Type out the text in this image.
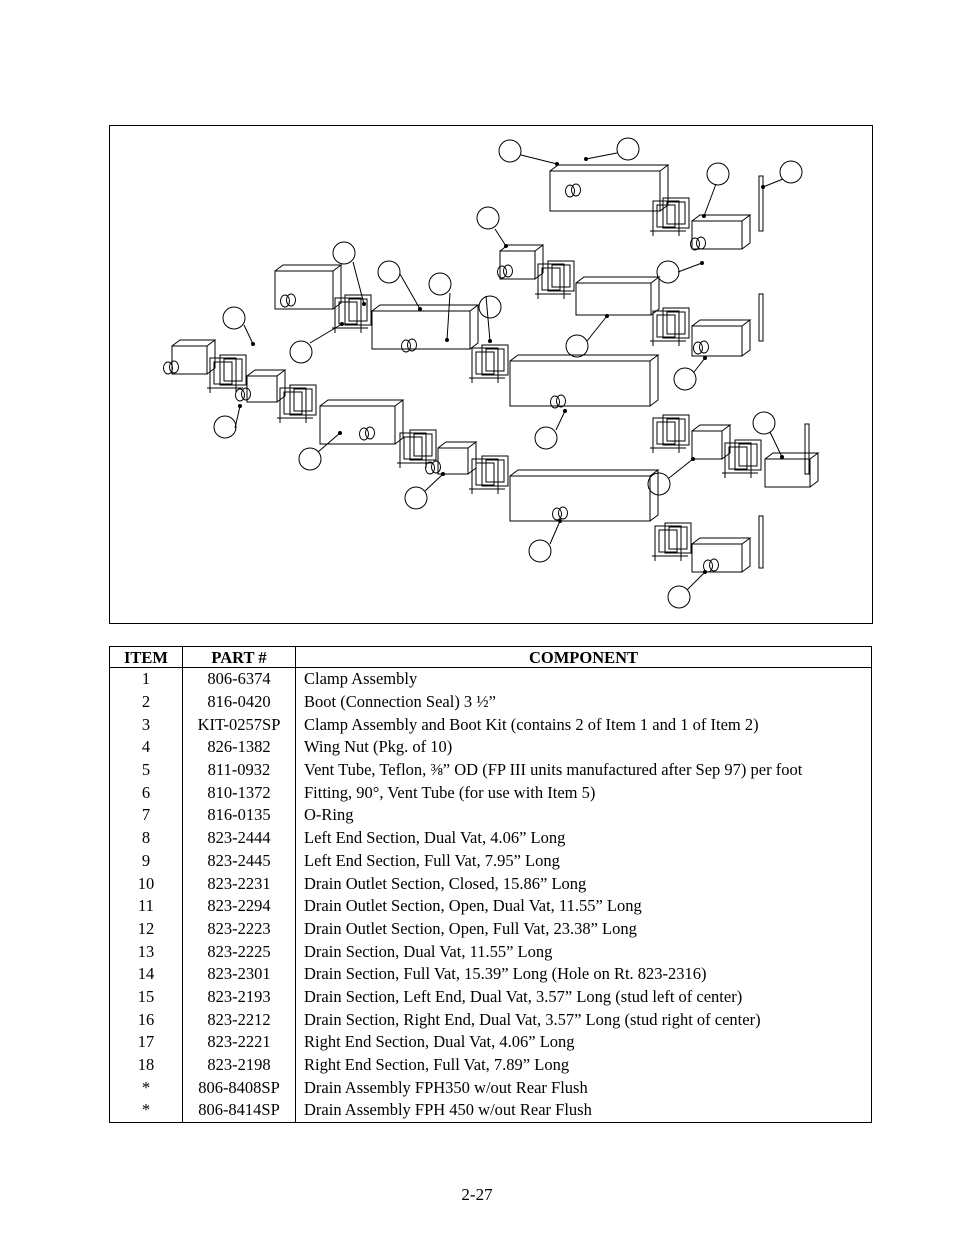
ITEM	PART #	COMPONENT
1	806-6374	Clamp Assembly
2	816-0420	Boot (Connection Seal) 3 ½”
3	KIT-0257SP	Clamp Assembly and Boot Kit (contains 2 of Item 1 and 1 of Item 2)
4	826-1382	Wing Nut (Pkg. of 10)
5	811-0932	Vent Tube, Teflon, ⅜” OD (FP III units manufactured after Sep 97) per foot
6	810-1372	Fitting, 90°, Vent Tube (for use with Item 5)
7	816-0135	O-Ring
8	823-2444	Left End Section, Dual Vat, 4.06” Long
9	823-2445	Left End Section, Full Vat, 7.95” Long
10	823-2231	Drain Outlet Section, Closed, 15.86” Long
11	823-2294	Drain Outlet Section, Open, Dual Vat, 11.55” Long
12	823-2223	Drain Outlet Section, Open, Full Vat, 23.38” Long
13	823-2225	Drain Section, Dual Vat, 11.55” Long
14	823-2301	Drain Section, Full Vat, 15.39” Long (Hole on Rt. 823-2316)
15	823-2193	Drain Section, Left End, Dual Vat, 3.57” Long (stud left of center)
16	823-2212	Drain Section, Right End, Dual Vat, 3.57” Long (stud right of center)
17	823-2221	Right End Section, Dual Vat, 4.06” Long
18	823-2198	Right End Section, Full Vat, 7.89” Long
*	806-8408SP	Drain Assembly FPH350 w/out Rear Flush
*	806-8414SP	Drain Assembly FPH 450 w/out Rear Flush
2-27
